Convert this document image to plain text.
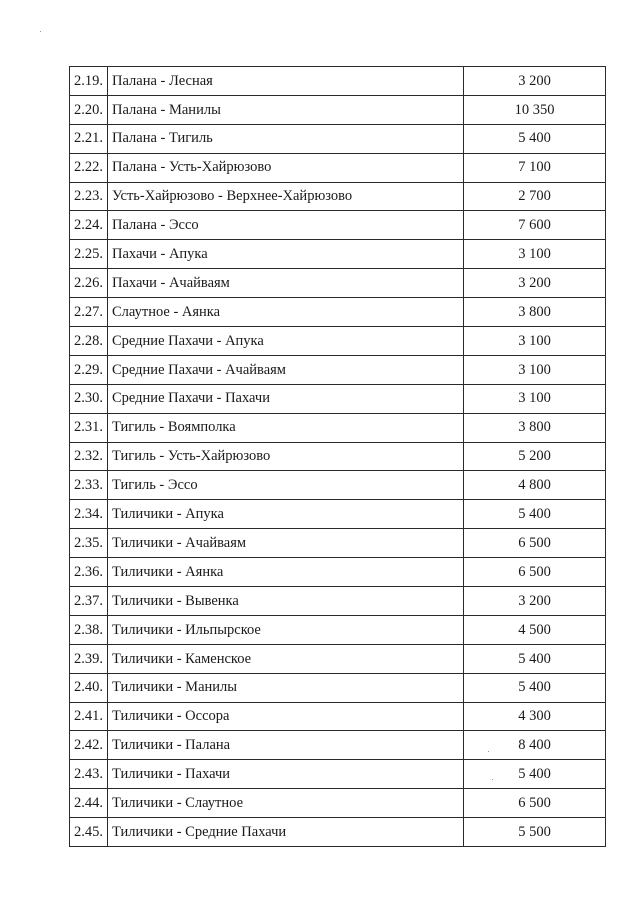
2.19.	Палана - Лесная	3 200
2.20.	Палана - Манилы	10 350
2.21.	Палана - Тигиль	5 400
2.22.	Палана - Усть-Хайрюзово	7 100
2.23.	Усть-Хайрюзово - Верхнее-Хайрюзово	2 700
2.24.	Палана - Эссо	7 600
2.25.	Пахачи - Апука	3 100
2.26.	Пахачи - Ачайваям	3 200
2.27.	Слаутное - Аянка	3 800
2.28.	Средние Пахачи - Апука	3 100
2.29.	Средние Пахачи - Ачайваям	3 100
2.30.	Средние Пахачи - Пахачи	3 100
2.31.	Тигиль - Воямполка	3 800
2.32.	Тигиль - Усть-Хайрюзово	5 200
2.33.	Тигиль - Эссо	4 800
2.34.	Тиличики - Апука	5 400
2.35.	Тиличики - Ачайваям	6 500
2.36.	Тиличики - Аянка	6 500
2.37.	Тиличики - Вывенка	3 200
2.38.	Тиличики - Ильпырское	4 500
2.39.	Тиличики - Каменское	5 400
2.40.	Тиличики - Манилы	5 400
2.41.	Тиличики - Оссора	4 300
2.42.	Тиличики - Палана	8 400
2.43.	Тиличики - Пахачи	5 400
2.44.	Тиличики - Слаутное	6 500
2.45.	Тиличики - Средние Пахачи	5 500
